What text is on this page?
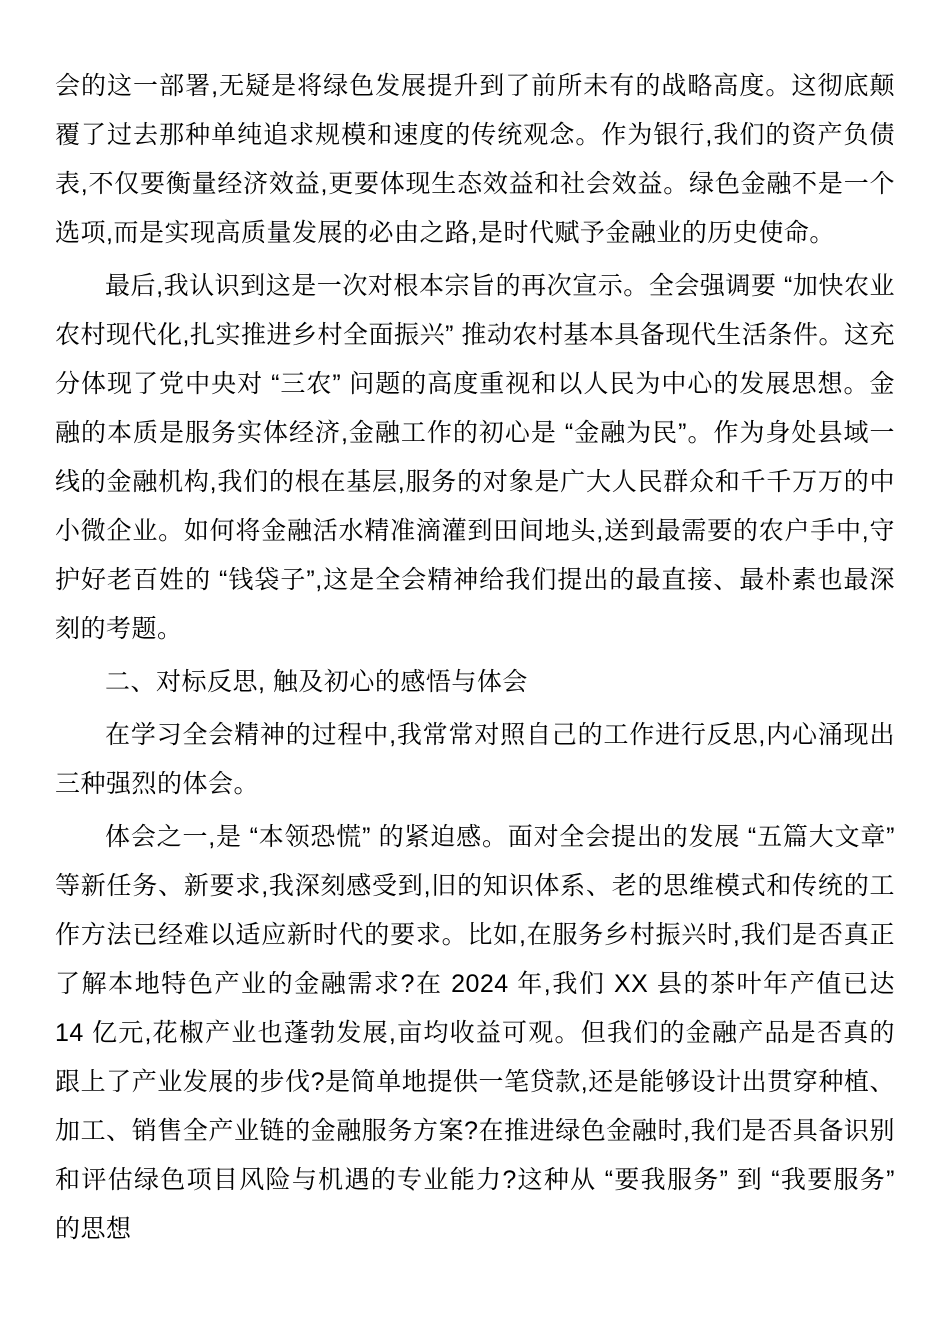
会的这一部署,无疑是将绿色发展提升到了前所未有的战略高度。这彻底颠覆了过去那种单纯追求规模和速度的传统观念。作为银行,我们的资产负债表,不仅要衡量经济效益,更要体现生态效益和社会效益。绿色金融不是一个选项,而是实现高质量发展的必由之路,是时代赋予金融业的历史使命。

最后,我认识到这是一次对根本宗旨的再次宣示。全会强调要 “加快农业农村现代化,扎实推进乡村全面振兴” 推动农村基本具备现代生活条件。这充分体现了党中央对 “三农” 问题的高度重视和以人民为中心的发展思想。金融的本质是服务实体经济,金融工作的初心是 “金融为民”。作为身处县域一线的金融机构,我们的根在基层,服务的对象是广大人民群众和千千万万的中小微企业。如何将金融活水精准滴灌到田间地头,送到最需要的农户手中,守护好老百姓的 “钱袋子”,这是全会精神给我们提出的最直接、最朴素也最深刻的考题。

二、对标反思, 触及初心的感悟与体会

在学习全会精神的过程中,我常常对照自己的工作进行反思,内心涌现出三种强烈的体会。

体会之一,是 “本领恐慌” 的紧迫感。面对全会提出的发展 “五篇大文章” 等新任务、新要求,我深刻感受到,旧的知识体系、老的思维模式和传统的工作方法已经难以适应新时代的要求。比如,在服务乡村振兴时,我们是否真正了解本地特色产业的金融需求?在 2024 年,我们 XX 县的茶叶年产值已达 14 亿元,花椒产业也蓬勃发展,亩均收益可观。但我们的金融产品是否真的跟上了产业发展的步伐?是简单地提供一笔贷款,还是能够设计出贯穿种植、加工、销售全产业链的金融服务方案?在推进绿色金融时,我们是否具备识别和评估绿色项目风险与机遇的专业能力?这种从 “要我服务” 到 “我要服务” 的思想
